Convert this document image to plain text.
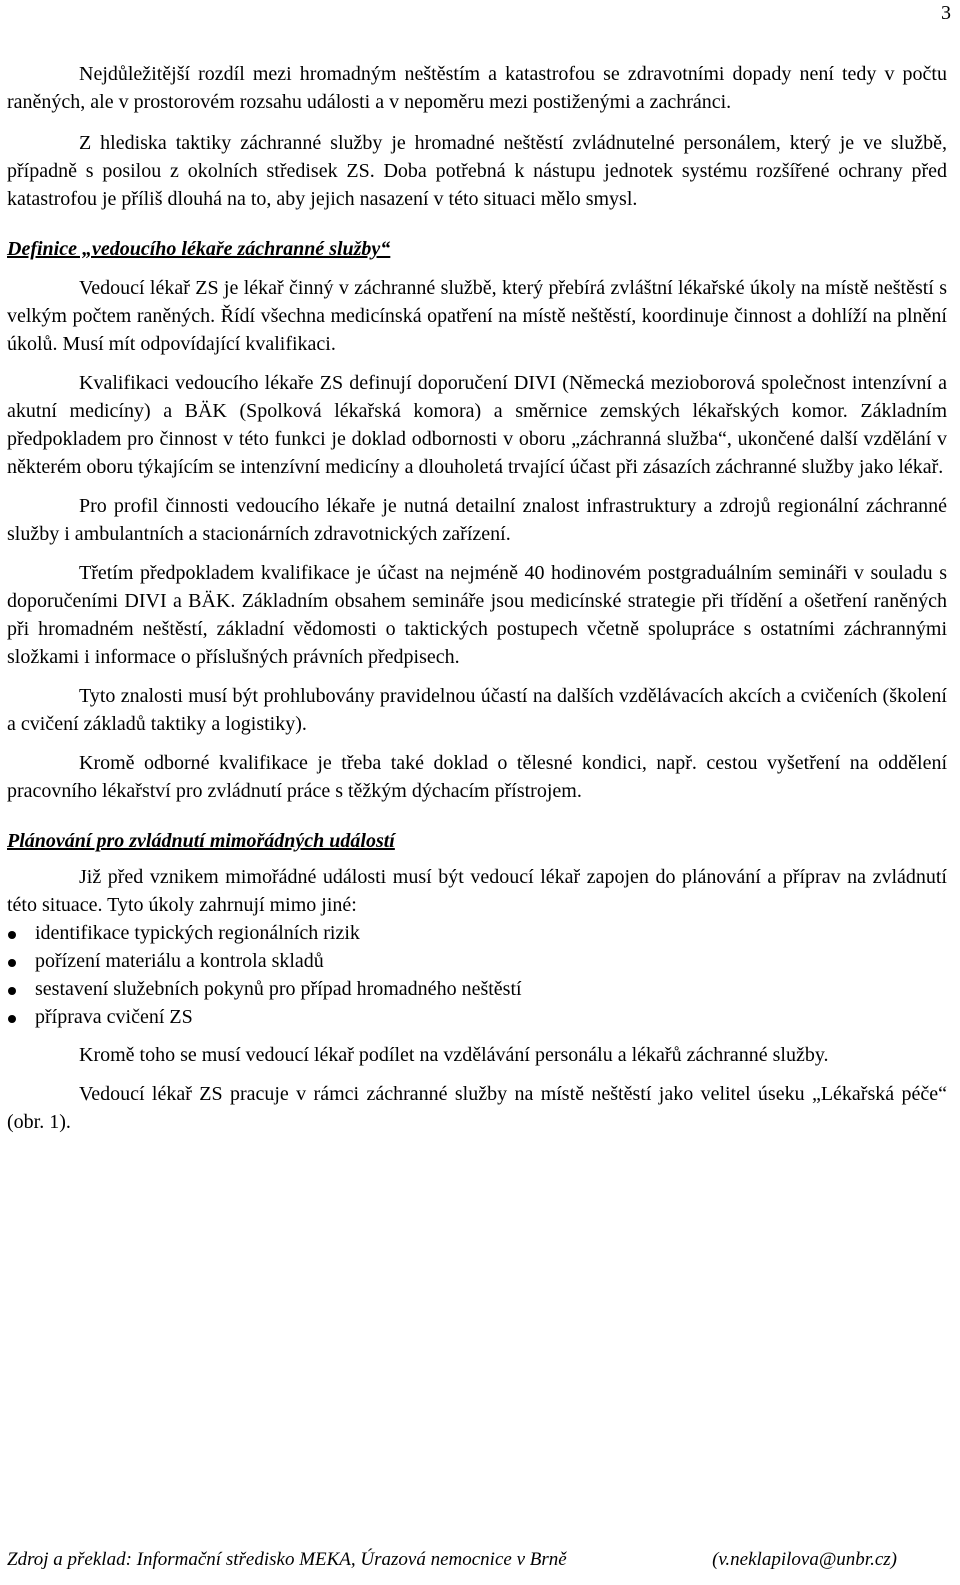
3

Nejdůležitější rozdíl mezi hromadným neštěstím a katastrofou se zdravotními dopady není tedy v počtu raněných, ale v prostorovém rozsahu události a v nepoměru mezi postiženými a zachránci.

Z hlediska taktiky záchranné služby je hromadné neštěstí zvládnutelné personálem, který je ve službě, případně s posilou z okolních středisek ZS. Doba potřebná k nástupu jednotek systému rozšířené ochrany před katastrofou je příliš dlouhá na to, aby jejich nasazení v této situaci mělo smysl.

Definice „vedoucího lékaře záchranné služby“

Vedoucí lékař ZS je lékař činný v záchranné službě, který přebírá zvláštní lékařské úkoly na místě neštěstí s velkým počtem raněných. Řídí všechna medicínská opatření na místě neštěstí, koordinuje činnost a dohlíží na plnění úkolů. Musí mít odpovídající kvalifikaci.

Kvalifikaci vedoucího lékaře ZS definují doporučení DIVI (Německá mezioborová společnost intenzívní a akutní medicíny) a BÄK (Spolková lékařská komora) a směrnice zemských lékařských komor. Základním předpokladem pro činnost v této funkci je doklad odbornosti v oboru „záchranná služba“, ukončené další vzdělání v některém oboru týkajícím se intenzívní medicíny a dlouholetá trvající účast při zásazích záchranné služby jako lékař.

Pro profil činnosti vedoucího lékaře je nutná detailní znalost infrastruktury a zdrojů regionální záchranné služby i ambulantních a stacionárních zdravotnických zařízení.

Třetím předpokladem kvalifikace je účast na nejméně 40 hodinovém postgraduálním semináři v souladu s doporučeními DIVI a BÄK. Základním obsahem semináře jsou medicínské strategie při třídění a ošetření raněných při hromadném neštěstí, základní vědomosti o taktických postupech včetně spolupráce s ostatními záchrannými složkami i informace o příslušných právních předpisech.

Tyto znalosti musí být prohlubovány pravidelnou účastí na dalších vzdělávacích akcích a cvičeních (školení a cvičení základů taktiky a logistiky).

Kromě odborné kvalifikace je třeba také doklad o tělesné kondici, např. cestou vyšetření na oddělení pracovního lékařství pro zvládnutí práce s těžkým dýchacím přístrojem.

Plánování pro zvládnutí mimořádných událostí

Již před vznikem mimořádné události musí být vedoucí lékař zapojen do plánování a příprav na zvládnutí této situace. Tyto úkoly zahrnují mimo jiné:

identifikace typických regionálních rizik
pořízení materiálu a kontrola skladů
sestavení služebních pokynů pro případ hromadného neštěstí
příprava cvičení ZS

Kromě toho se musí vedoucí lékař podílet na vzdělávání personálu a lékařů záchranné služby.

Vedoucí lékař ZS pracuje v rámci záchranné služby na místě neštěstí jako velitel úseku „Lékařská péče“ (obr. 1).

Zdroj a překlad: Informační středisko MEKA, Úrazová nemocnice v Brně	(v.neklapilova@unbr.cz)
